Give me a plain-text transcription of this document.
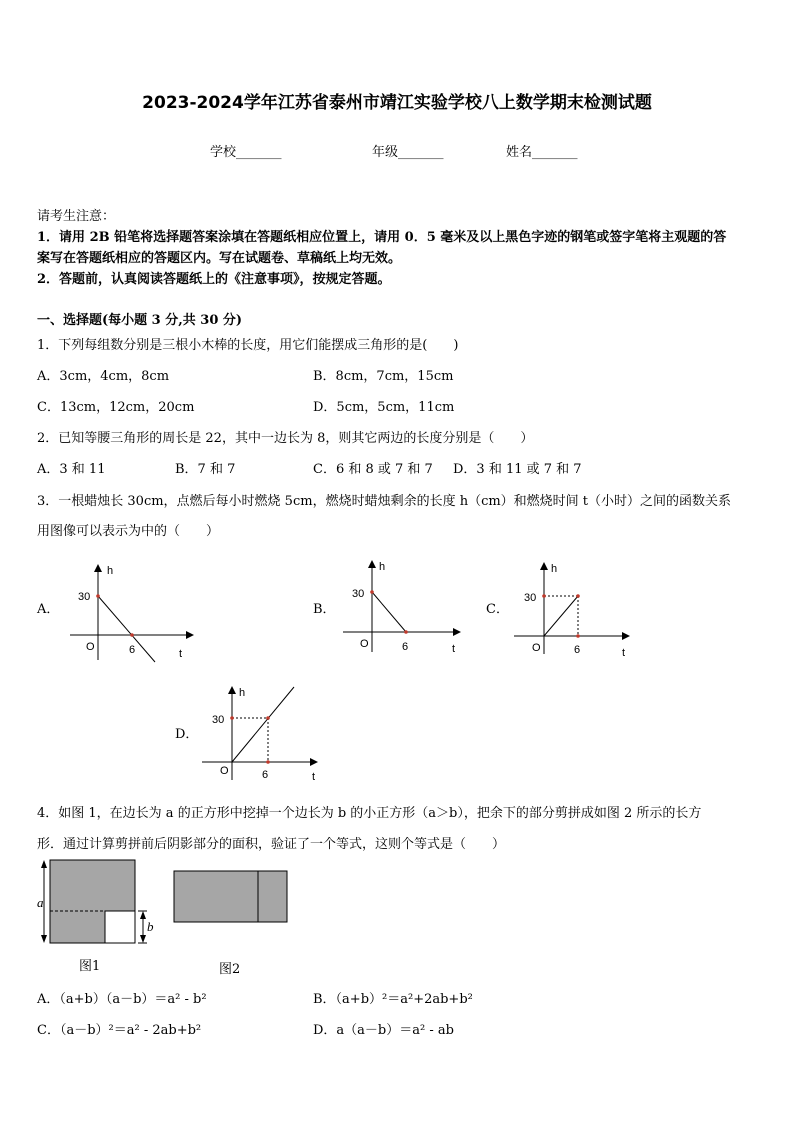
2023-2024学年江苏省泰州市靖江实验学校八上数学期末检测试题
学校_______	年级_______	姓名_______
请考生注意：
1．请用 2B 铅笔将选择题答案涂填在答题纸相应位置上，请用 0．5 毫米及以上黑色字迹的钢笔或签字笔将主观题的答
案写在答题纸相应的答题区内。写在试题卷、草稿纸上均无效。
2．答题前，认真阅读答题纸上的《注意事项》，按规定答题。
一、选择题(每小题 3 分,共 30 分)
1．下列每组数分别是三根小木棒的长度，用它们能摆成三角形的是(　　)
A．3cm，4cm，8cm	B．8cm，7cm，15cm
C．13cm，12cm，20cm	D．5cm，5cm，11cm
2．已知等腰三角形的周长是 22，其中一边长为 8，则其它两边的长度分别是（　　）
A．3 和 11	B．7 和 7	C．6 和 8 或 7 和 7 D．3 和 11 或 7 和 7
3．一根蜡烛长 30cm，点燃后每小时燃烧 5cm，燃烧时蜡烛剩余的长度 h（cm）和燃烧时间 t（小时）之间的函数关系
用图像可以表示为中的（　　）
A．	B．	C．
D．
h
30
O	6	t
h
30
O	6	t
h
30
O	6	t
h
30
O	6	t
4．如图 1，在边长为 a 的正方形中挖掉一个边长为 b 的小正方形（a＞b），把余下的部分剪拼成如图 2 所示的长方
形．通过计算剪拼前后阴影部分的面积，验证了一个等式，这则个等式是（　　）
a
b
图1	图2
A．（a+b）（a－b）＝a² - b²	B．（a+b）²＝a²+2ab+b²
C．（a－b）²＝a² - 2ab+b²	D．a（a－b）＝a² - ab
